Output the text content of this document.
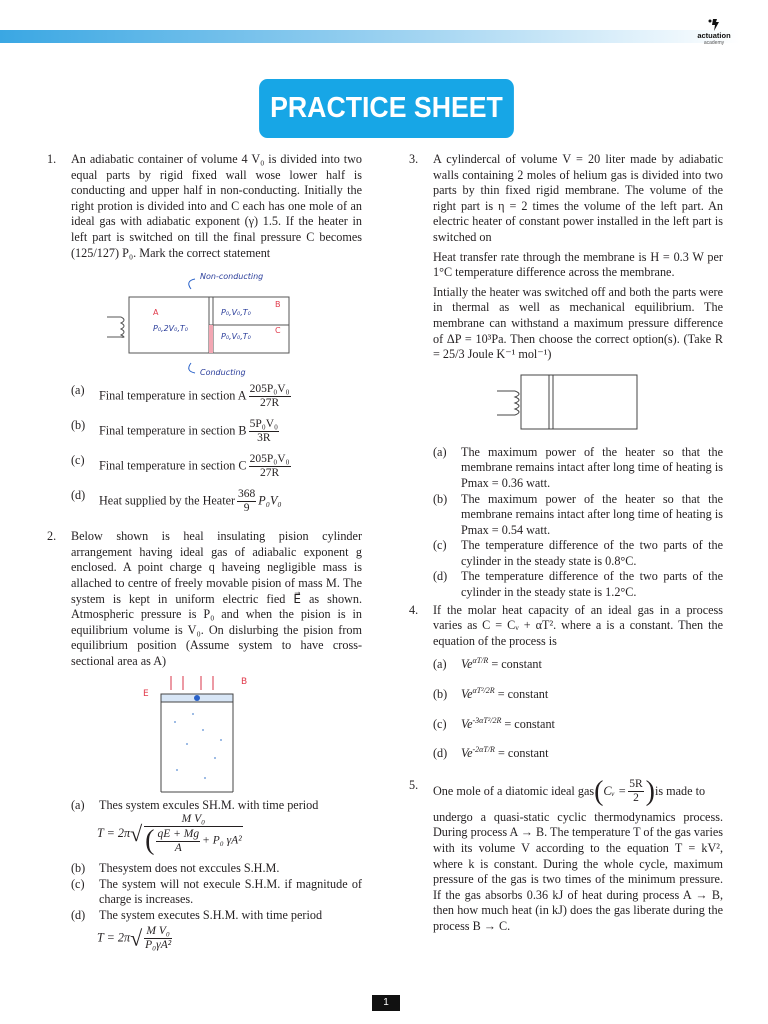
actuation
academy
PRACTICE SHEET
1. An adiabatic container of volume 4 V₀ is divided into two equal parts by rigid fixed wall wose lower half is conducting and upper half in non-conducting. Initially the right protion is divided into and C each has one mole of an ideal gas with adiabatic exponent (γ) 1.5. If the heater in left part is switched on till the final pressure C becomes (125/127) P₀. Mark the correct statement

Non-conducting
Conducting
P₀,V₀,T₀
P₀,V₀,T₀
P₀,2V₀,T₀
A
B
C
(a) Final temperature in section A $\frac{\text{205P₀V₀}}{27R}$
(b) Final temperature in section B $\frac{\text{5P₀V₀}}{3R}$
(c) Final temperature in section C $\frac{\text{205P₀V₀}}{27R}$
(d) Heat supplied by the Heater $\frac{368}{9} P_0V_0$
2. Below shown is heal insulating pision cylinder arrangement having ideal gas of adiabalic exponent g enclosed. A point charge q haveing negligible mass is allached to centre of freely movable pision of mass M. The system is kept in uniform electric fied E⃗ as shown. Atmospheric pressure is P₀ and when the pision is in equilibrium volume is V₀. On dislurbing the pision from equilibrium position (Assume system to have cross-sectional area as A)

E
B
(a) Thes system excules SH.M. with time period
$T = 2\pi√ \frac{\text{M V₀}}{( \frac{qE + Mg}{A} + P_0 \gamma A^2}$
(b) Thesystem does not exccules S.H.M.
(c) The system will not execule S.H.M. if magnitude of charge is increases.
(d) The system executes S.H.M. with time period
$T = 2\pi√ \frac{\text{M V₀}}{\text{P₀γA²}}$
3. A cylindercal of volume V = 20 liter made by adiabatic walls containing 2 moles of helium gas is divided into two parts by thin fixed rigid membrane. The volume of the right part is η = 2 times the volume of the left part. An electric heater of constant power installed in the left part is switched on

Heat transfer rate through the membrane is H = 0.3 W per 1°C temperature difference across the membrane.

Intially the heater was switched off and both the parts were in thermal as well as mechanical equilibrium. The membrane can withstand a maximum pressure difference of ΔP = 10³Pa. Then choose the correct option(s). (Take R = 25/3 Joule K⁻¹ mol⁻¹)

(a) The maximum power of the heater so that the membrane remains intact after long time of heating is Pmax = 0.36 watt.
(b) The maximum power of the heater so that the membrane remains intact after long time of heating is Pmax = 0.54 watt.
(c) The temperature difference of the two parts of the cylinder in the steady state is 0.8°C.
(d) The temperature difference of the two parts of the cylinder in the steady state is 1.2°C.
4. If the molar heat capacity of an ideal gas in a process varies as C = Cᵥ + αT². where a is a constant. Then the equation of the process is

(a) $Ve^{\alpha T/R}$ = constant
(b) $Ve^{\alpha T^2/2R}$ = constant
(c) $Ve^{-3\alpha T^2/2R}$ = constant
(d) $Ve^{-2\alpha T/R}$ = constant
5. One mole of a diatomic ideal gas(Cᵥ = $\frac{5R}{2} )is$ made to

undergo a quasi-static cyclic thermodynamics process. During process A → B. The temperature T of the gas varies with its volume V according to the equation T = kV², where k is constant. During the whole cycle, maximum pressure of the gas is two times of the minimum pressure. If the gas absorbs 0.36 kJ of heat during process A → B, then how much heat (in kJ) does the gas liberate during the process B → C.

1
